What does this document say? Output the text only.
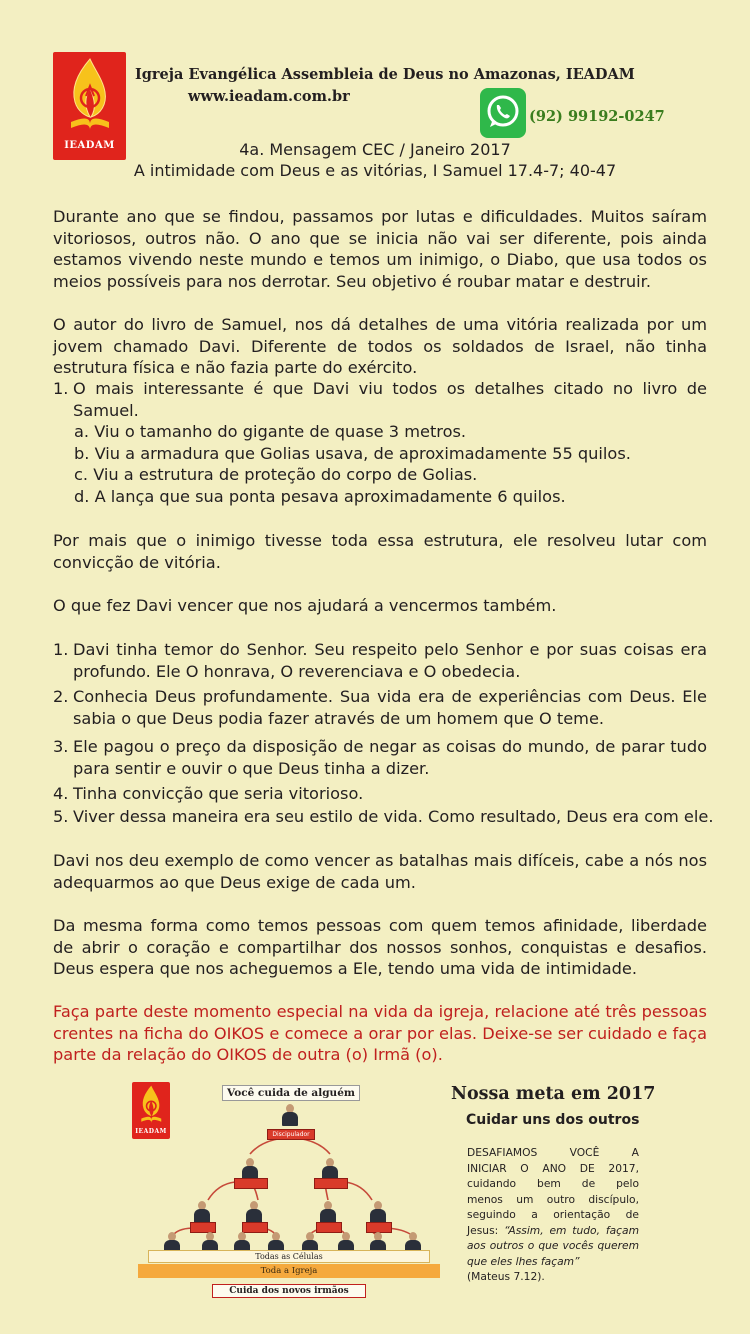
IEADAM
Igreja Evangélica Assembleia de Deus no Amazonas, IEADAM
www.ieadam.com.br
(92) 99192-0247
4a. Mensagem CEC / Janeiro 2017
A intimidade com Deus e as vitórias, I Samuel 17.4-7; 40-47

Durante ano que se findou, passamos por lutas e dificuldades. Muitos saíram vitoriosos, outros não. O ano que se inicia não vai ser diferente, pois ainda estamos vivendo neste mundo e temos um inimigo, o Diabo, que usa todos os meios possíveis para nos derrotar. Seu objetivo é roubar matar e destruir.

O autor do livro de Samuel, nos dá detalhes de uma vitória realizada por um jovem chamado Davi. Diferente de todos os soldados de Israel, não tinha estrutura física e não fazia parte do exército.

1. O mais interessante é que Davi viu todos os detalhes citado no livro de Samuel.

a. Viu o tamanho do gigante de quase 3 metros.

b. Viu a armadura que Golias usava, de aproximadamente 55 quilos.

c. Viu a estrutura de proteção do corpo de Golias.

d. A lança que sua ponta pesava aproximadamente 6 quilos.

Por mais que o inimigo tivesse toda essa estrutura, ele resolveu lutar com convicção de vitória.

O que fez Davi vencer que nos ajudará a vencermos também.

1. Davi tinha temor do Senhor. Seu respeito pelo Senhor e por suas coisas era profundo. Ele O honrava, O reverenciava e O obedecia.
2. Conhecia Deus profundamente. Sua vida era de experiências com Deus. Ele sabia o que Deus podia fazer através de um homem que O teme.
3. Ele pagou o preço da disposição de negar as coisas do mundo, de parar tudo para sentir e ouvir o que Deus tinha a dizer.
4. Tinha convicção que seria vitorioso.
5. Viver dessa maneira era seu estilo de vida. Como resultado, Deus era com ele.

Davi nos deu exemplo de como vencer as batalhas mais difíceis, cabe a nós nos adequarmos ao que Deus exige de cada um.

Da mesma forma como temos pessoas com quem temos afinidade, liberdade de abrir o coração e compartilhar dos nossos sonhos, conquistas e desafios. Deus espera que nos acheguemos a Ele, tendo uma vida de intimidade.

Faça parte deste momento especial na vida da igreja, relacione até três pessoas crentes na ficha do OIKOS e comece a orar por elas. Deixe-se ser cuidado e faça parte da relação do OIKOS de outra (o) Irmã (o).

IEADAM
Você cuida de alguém
Discipulador
Todas as Células
Toda a Igreja
Cuida dos novos irmãos
Nossa meta em 2017
Cuidar uns dos outros
DESAFIAMOS VOCÊ A
INICIAR O ANO DE 2017,
cuidando bem de pelo
menos um outro discípulo,
seguindo a orientação de
Jesus: “Assim, em tudo, façam aos outros o que vocês querem que eles lhes façam”
(Mateus 7.12).
